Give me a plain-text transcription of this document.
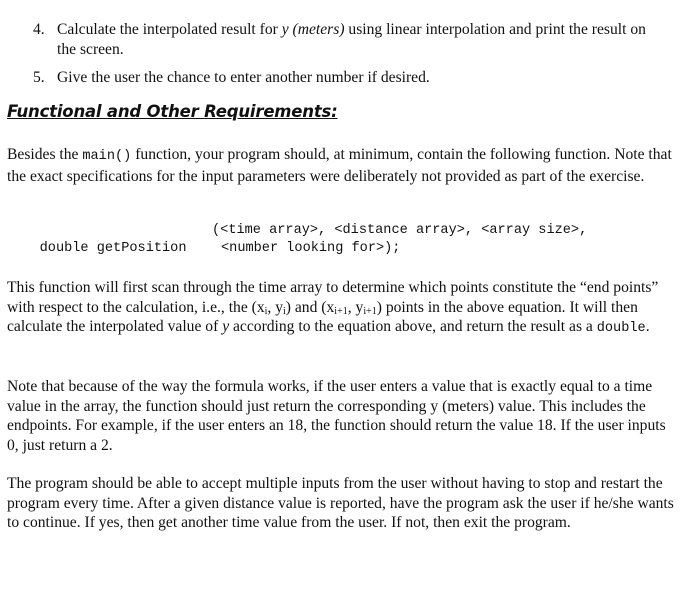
4. Calculate the interpolated result for y (meters) using linear interpolation and print the result on the screen.
5. Give the user the chance to enter another number if desired.
Functional and Other Requirements:
Besides the main() function, your program should, at minimum, contain the following function. Note that the exact specifications for the input parameters were deliberately not provided as part of the exercise.

double getPosition

(<time array>, <distance array>, <array size>,
<number looking for>);

This function will first scan through the time array to determine which points constitute the “end points” with respect to the calculation, i.e., the ($x_i$, $y_i$) and ($x_{i+1}$, $y_{i+1}$) points in the above equation. It will then calculate the interpolated value of y according to the equation above, and return the result as a double.
Note that because of the way the formula works, if the user enters a value that is exactly equal to a time value in the array, the function should just return the corresponding y (meters) value. This includes the endpoints. For example, if the user enters an 18, the function should return the value 18. If the user inputs 0, just return a 2.
The program should be able to accept multiple inputs from the user without having to stop and restart the program every time. After a given distance value is reported, have the program ask the user if he/she wants to continue. If yes, then get another time value from the user. If not, then exit the program.
